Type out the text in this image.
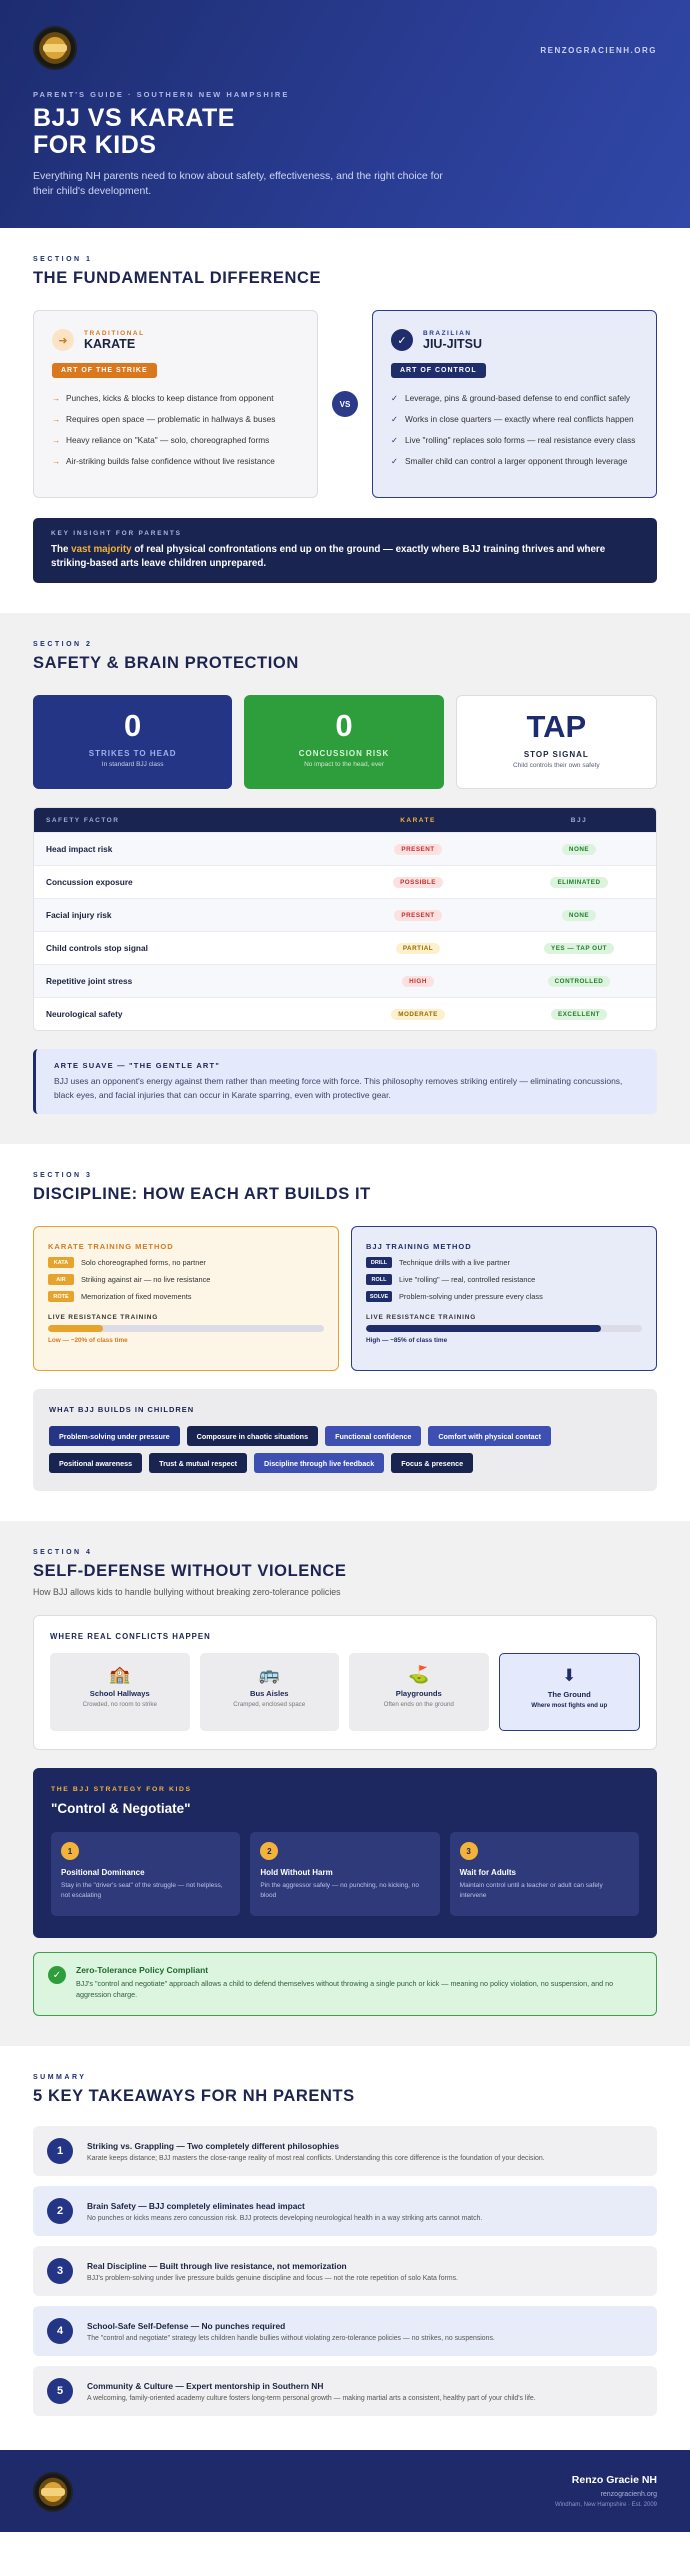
RENZOGRACIENH.ORG
PARENT'S GUIDE · SOUTHERN NEW HAMPSHIRE
BJJ VS KARATE
FOR KIDS

Everything NH parents need to know about safety, effectiveness, and the right choice for their child's development.

SECTION 1
THE FUNDAMENTAL DIFFERENCE
➜
TRADITIONAL
KARATE
ART OF THE STRIKE
→ Punches, kicks & blocks to keep distance from opponent
→ Requires open space — problematic in hallways & buses
→ Heavy reliance on "Kata" — solo, choreographed forms
→ Air-striking builds false confidence without live resistance
VS
✓
BRAZILIAN
JIU-JITSU
ART OF CONTROL
✓ Leverage, pins & ground-based defense to end conflict safely
✓ Works in close quarters — exactly where real conflicts happen
✓ Live "rolling" replaces solo forms — real resistance every class
✓ Smaller child can control a larger opponent through leverage
KEY INSIGHT FOR PARENTS

The vast majority of real physical confrontations end up on the ground — exactly where BJJ training thrives and where striking-based arts leave children unprepared.

SECTION 2
SAFETY & BRAIN PROTECTION
0
STRIKES TO HEAD
In standard BJJ class
0
CONCUSSION RISK
No impact to the head, ever
TAP
STOP SIGNAL
Child controls their own safety
SAFETY FACTOR	KARATE	BJJ
Head impact risk	PRESENT	NONE
Concussion exposure	POSSIBLE	ELIMINATED
Facial injury risk	PRESENT	NONE
Child controls stop signal	PARTIAL	YES — TAP OUT
Repetitive joint stress	HIGH	CONTROLLED
Neurological safety	MODERATE	EXCELLENT
ARTE SUAVE — "THE GENTLE ART"

BJJ uses an opponent's energy against them rather than meeting force with force. This philosophy removes striking entirely — eliminating concussions, black eyes, and facial injuries that can occur in Karate sparring, even with protective gear.

SECTION 3
DISCIPLINE: HOW EACH ART BUILDS IT
KARATE TRAINING METHOD
KATA	Solo choreographed forms, no partner
AIR	Striking against air — no live resistance
ROTE	Memorization of fixed movements
LIVE RESISTANCE TRAINING
Low — ~20% of class time
BJJ TRAINING METHOD
DRILL	Technique drills with a live partner
ROLL	Live "rolling" — real, controlled resistance
SOLVE	Problem-solving under pressure every class
LIVE RESISTANCE TRAINING
High — ~85% of class time
WHAT BJJ BUILDS IN CHILDREN
Problem-solving under pressure	Composure in chaotic situations	Functional confidence	Comfort with physical contact
Positional awareness	Trust & mutual respect	Discipline through live feedback	Focus & presence
SECTION 4
SELF-DEFENSE WITHOUT VIOLENCE
How BJJ allows kids to handle bullying without breaking zero-tolerance policies
WHERE REAL CONFLICTS HAPPEN
🏫
School Hallways
Crowded, no room to strike
🚌
Bus Aisles
Cramped, enclosed space
⛳
Playgrounds
Often ends on the ground
⬇
The Ground
Where most fights end up
THE BJJ STRATEGY FOR KIDS
"Control & Negotiate"
1
Positional Dominance
Stay in the "driver's seat" of the struggle — not helpless, not escalating
2
Hold Without Harm
Pin the aggressor safely — no punching, no kicking, no blood
3
Wait for Adults
Maintain control until a teacher or adult can safely intervene
✓	Zero-Tolerance Policy Compliant

BJJ's "control and negotiate" approach allows a child to defend themselves without throwing a single punch or kick — meaning no policy violation, no suspension, and no aggression charge.

SUMMARY
5 KEY TAKEAWAYS FOR NH PARENTS
1	Striking vs. Grappling — Two completely different philosophies
Karate keeps distance; BJJ masters the close-range reality of most real conflicts. Understanding this core difference is the foundation of your decision.
2	Brain Safety — BJJ completely eliminates head impact
No punches or kicks means zero concussion risk. BJJ protects developing neurological health in a way striking arts cannot match.
3	Real Discipline — Built through live resistance, not memorization
BJJ's problem-solving under live pressure builds genuine discipline and focus — not the rote repetition of solo Kata forms.
4	School-Safe Self-Defense — No punches required
The "control and negotiate" strategy lets children handle bullies without violating zero-tolerance policies — no strikes, no suspensions.
5	Community & Culture — Expert mentorship in Southern NH
A welcoming, family-oriented academy culture fosters long-term personal growth — making martial arts a consistent, healthy part of your child's life.
Renzo Gracie NH
renzogracienh.org
Windham, New Hampshire · Est. 2009
